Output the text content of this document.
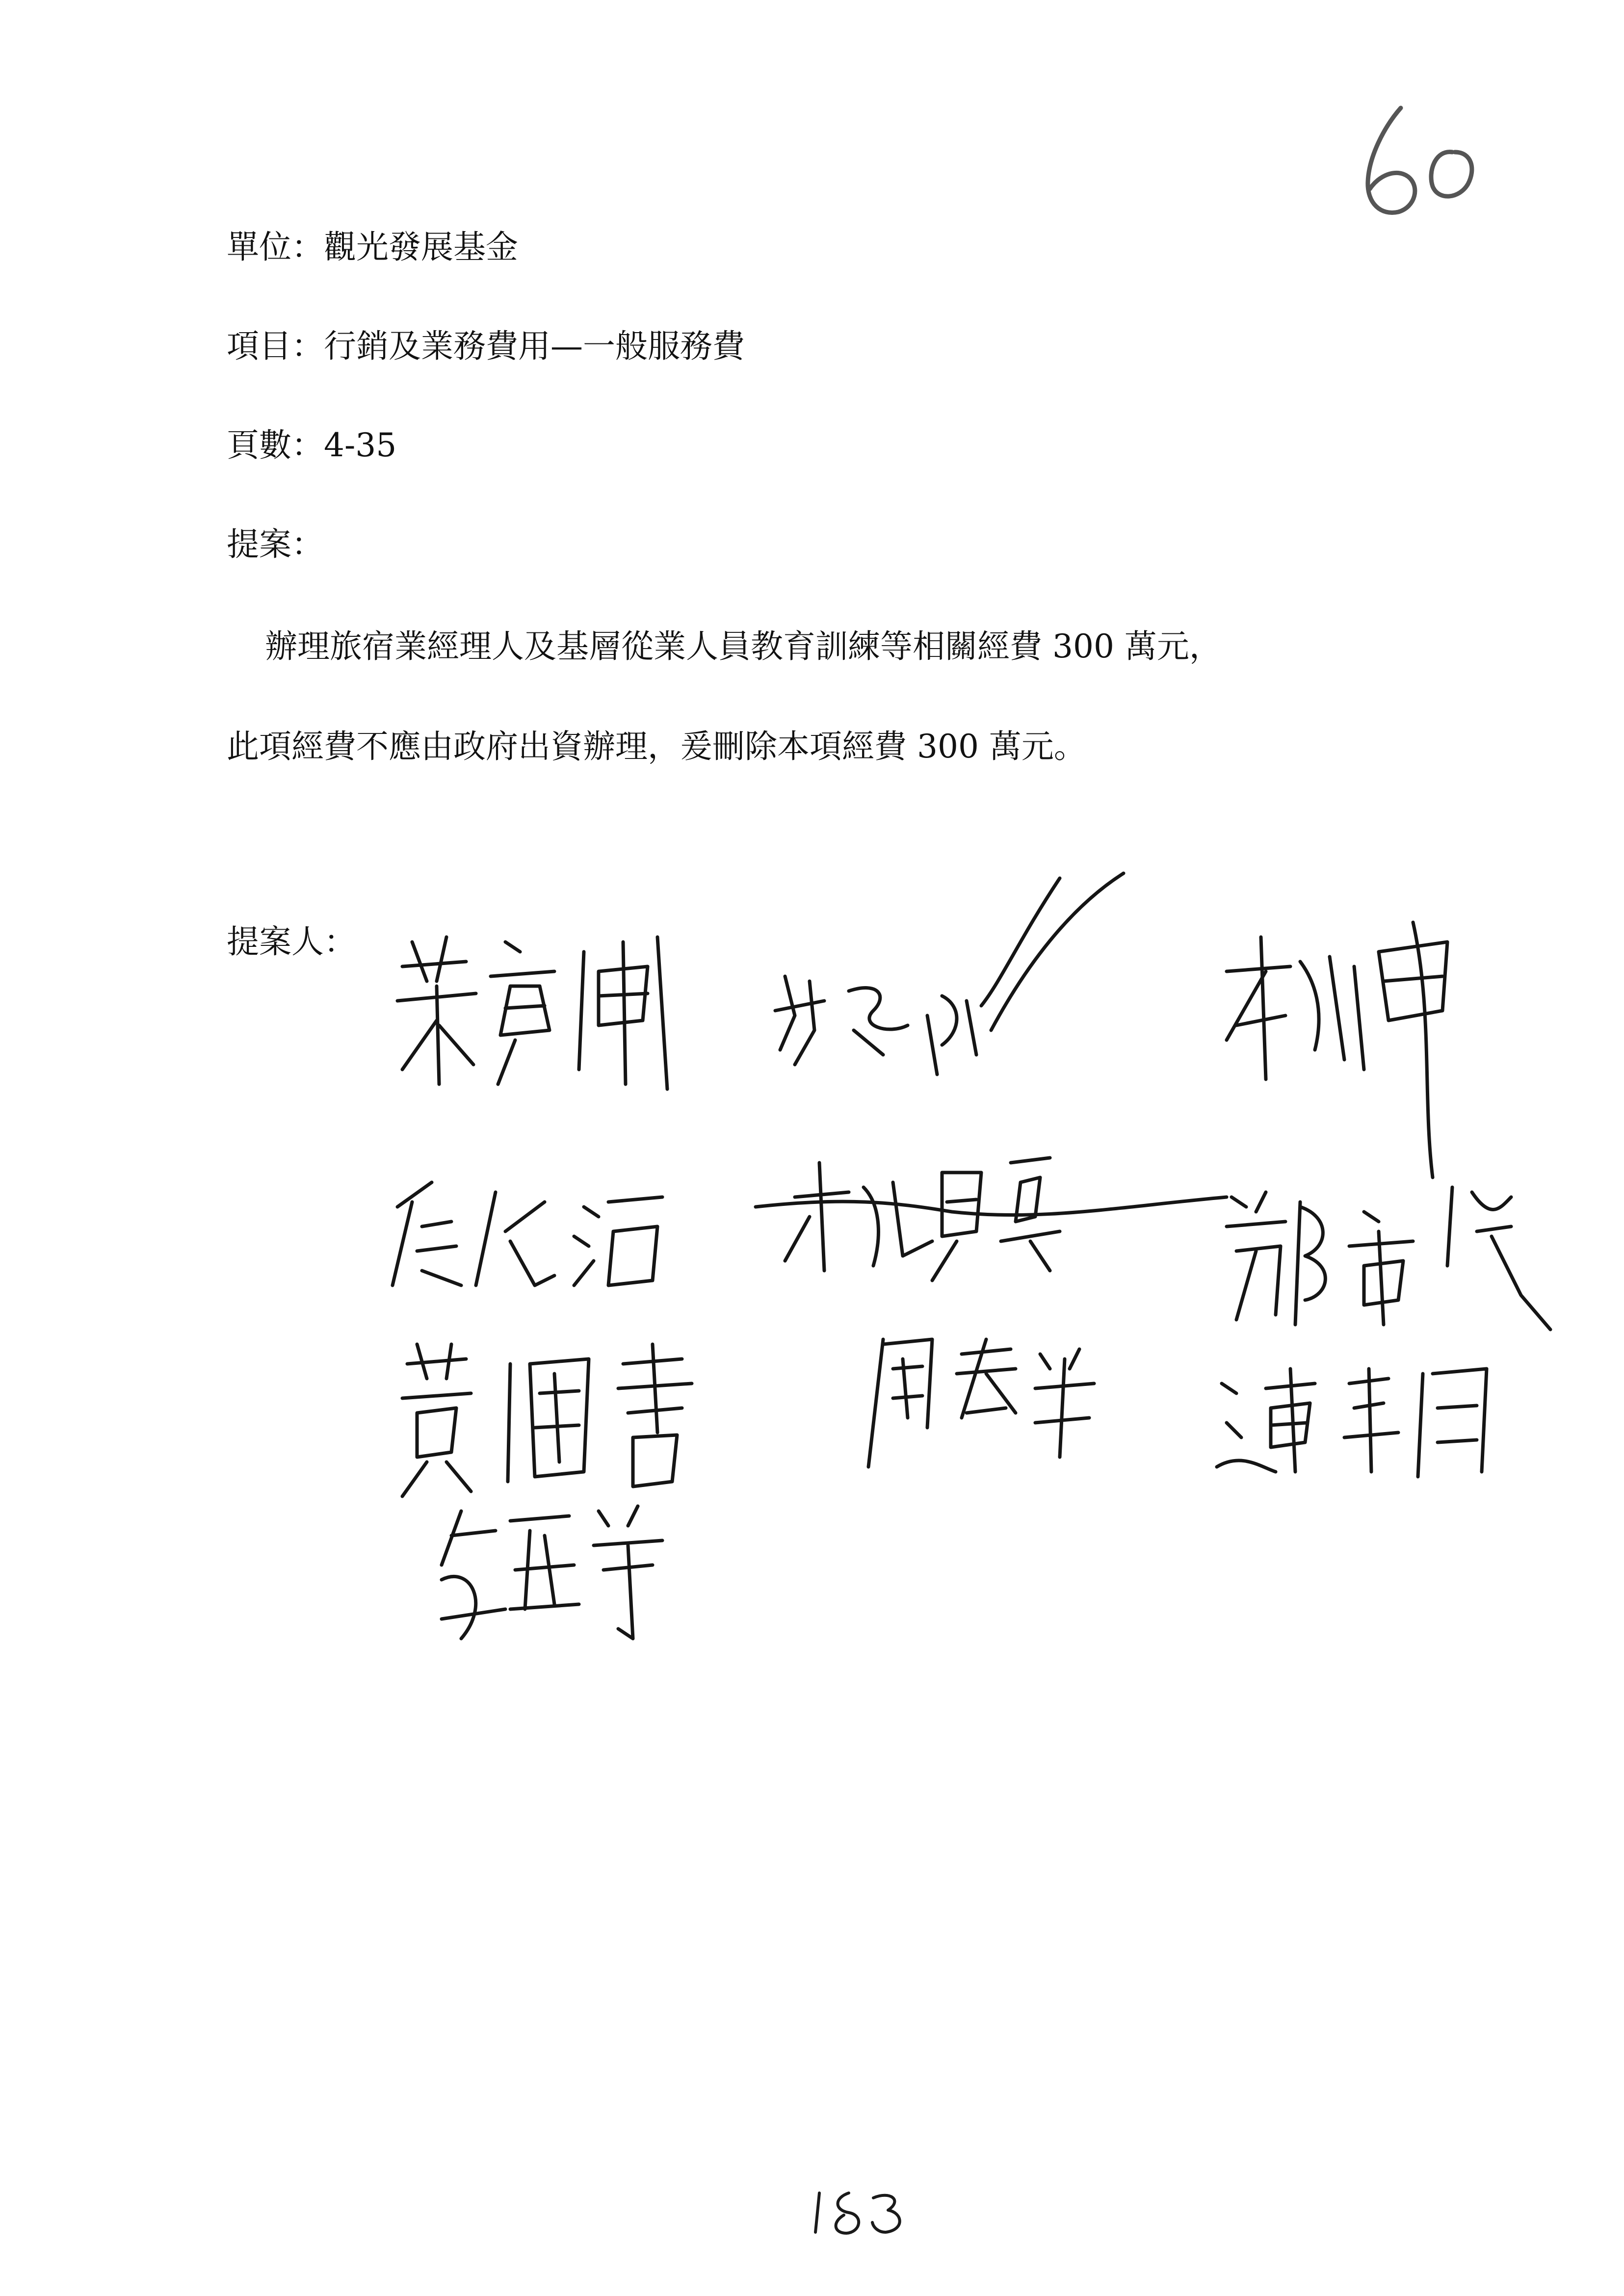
單位：觀光發展基金
項目：行銷及業務費用—一般服務費
頁數：4-35
提案：
辦理旅宿業經理人及基層從業人員教育訓練等相關經費 300 萬元，
此項經費不應由政府出資辦理，爰刪除本項經費 300 萬元。
提案人：
